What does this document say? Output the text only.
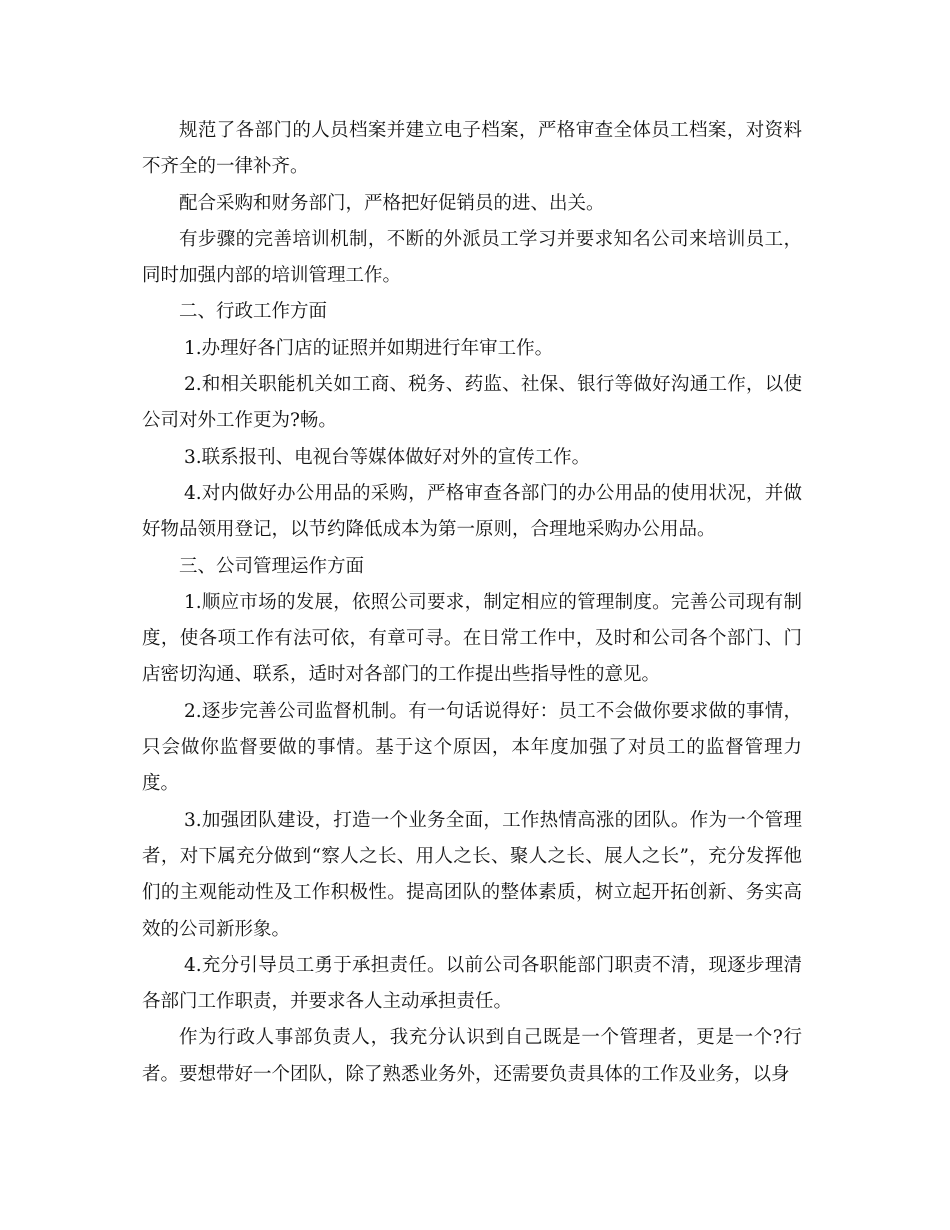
规范了各部门的人员档案并建立电子档案，严格审查全体员工档案，对资料不齐全的一律补齐。

配合采购和财务部门，严格把好促销员的进、出关。

有步骤的完善培训机制，不断的外派员工学习并要求知名公司来培训员工，同时加强内部的培训管理工作。

二、行政工作方面

1.办理好各门店的证照并如期进行年审工作。

2.和相关职能机关如工商、税务、药监、社保、银行等做好沟通工作，以使公司对外工作更为?畅。

3.联系报刊、电视台等媒体做好对外的宣传工作。

4.对内做好办公用品的采购，严格审查各部门的办公用品的使用状况，并做好物品领用登记，以节约降低成本为第一原则，合理地采购办公用品。

三、公司管理运作方面

1.顺应市场的发展，依照公司要求，制定相应的管理制度。完善公司现有制度，使各项工作有法可依，有章可寻。在日常工作中，及时和公司各个部门、门店密切沟通、联系，适时对各部门的工作提出些指导性的意见。

2.逐步完善公司监督机制。有一句话说得好：员工不会做你要求做的事情，只会做你监督要做的事情。基于这个原因，本年度加强了对员工的监督管理力度。

3.加强团队建设，打造一个业务全面，工作热情高涨的团队。作为一个管理者，对下属充分做到“察人之长、用人之长、聚人之长、展人之长”，充分发挥他们的主观能动性及工作积极性。提高团队的整体素质，树立起开拓创新、务实高效的公司新形象。

4.充分引导员工勇于承担责任。以前公司各职能部门职责不清，现逐步理清各部门工作职责，并要求各人主动承担责任。

作为行政人事部负责人，我充分认识到自己既是一个管理者，更是一个?行者。要想带好一个团队，除了熟悉业务外，还需要负责具体的工作及业务，以身
